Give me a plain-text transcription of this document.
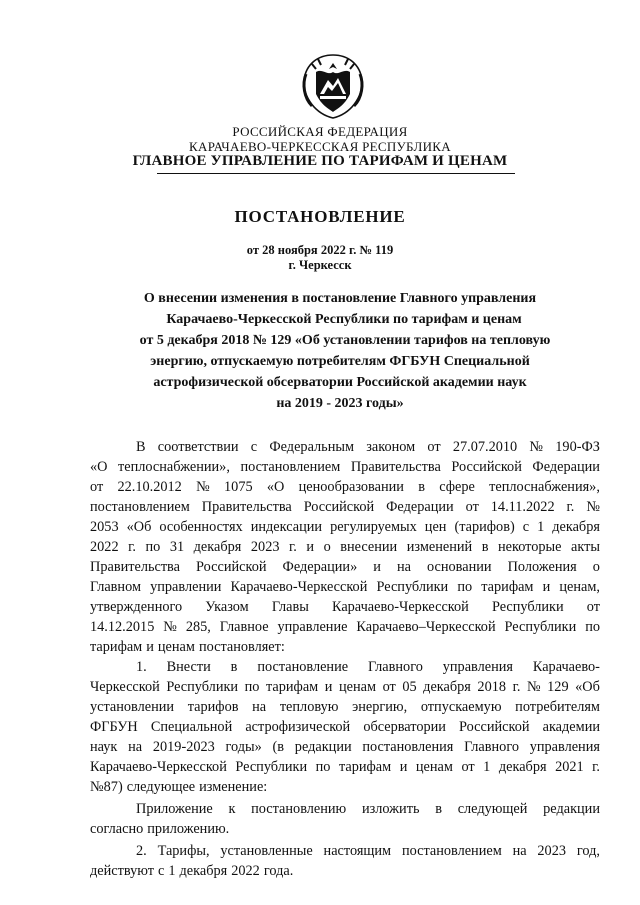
РОССИЙСКАЯ ФЕДЕРАЦИЯ
КАРАЧАЕВО-ЧЕРКЕССКАЯ РЕСПУБЛИКА
ГЛАВНОЕ УПРАВЛЕНИЕ ПО ТАРИФАМ И ЦЕНАМ
ПОСТАНОВЛЕНИЕ
от 28 ноября 2022 г. № 119
г. Черкесск
О внесении изменения в постановление Главного управления
Карачаево-Черкесской Республики по тарифам и ценам
от 5 декабря 2018 № 129 «Об установлении тарифов на тепловую
энергию, отпускаемую потребителям ФГБУН Специальной
астрофизической обсерватории Российской академии наук
на 2019 - 2023 годы»
В соответствии с Федеральным законом от 27.07.2010 № 190-ФЗ
«О теплоснабжении», постановлением Правительства Российской Федерации
от 22.10.2012 № 1075 «О ценообразовании в сфере теплоснабжения»,
постановлением Правительства Российской Федерации от 14.11.2022 г. №
2053 «Об особенностях индексации регулируемых цен (тарифов) с 1 декабря
2022 г. по 31 декабря 2023 г. и о внесении изменений в некоторые акты
Правительства Российской Федерации» и на основании Положения о
Главном управлении Карачаево-Черкесской Республики по тарифам и ценам,
утвержденного Указом Главы Карачаево-Черкесской Республики от
14.12.2015 № 285, Главное управление Карачаево–Черкесской Республики по
тарифам и ценам постановляет:
1. Внести в постановление Главного управления Карачаево-
Черкесской Республики по тарифам и ценам от 05 декабря 2018 г. № 129 «Об
установлении тарифов на тепловую энергию, отпускаемую потребителям
ФГБУН Специальной астрофизической обсерватории Российской академии
наук на 2019-2023 годы» (в редакции постановления Главного управления
Карачаево-Черкесской Республики по тарифам и ценам от 1 декабря 2021 г.
№87) следующее изменение:
Приложение к постановлению изложить в следующей редакции
согласно приложению.
2. Тарифы, установленные настоящим постановлением на 2023 год,
действуют с 1 декабря 2022 года.
